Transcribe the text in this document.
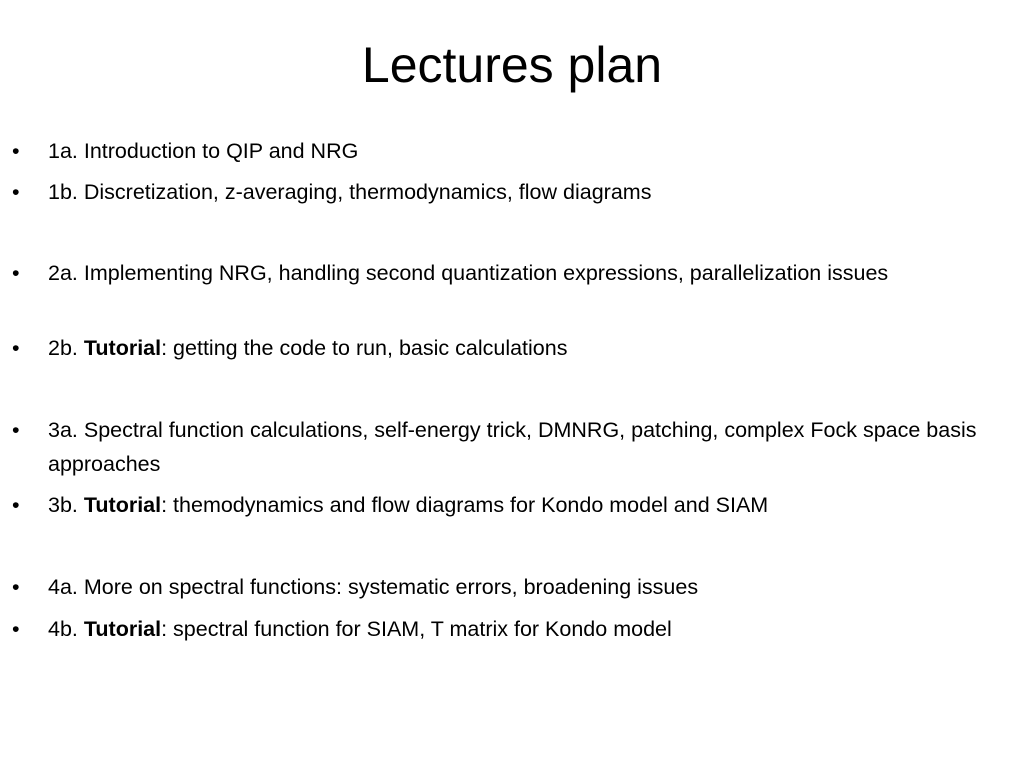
Lectures plan
•	1a. Introduction to QIP and NRG
•	1b. Discretization, z-averaging, thermodynamics, flow diagrams
•	2a. Implementing NRG, handling second quantization expressions, parallelization issues
•	2b. Tutorial: getting the code to run, basic calculations
•	3a. Spectral function calculations, self-energy trick, DMNRG, patching, complex Fock space basis approaches
•	3b. Tutorial: themodynamics and flow diagrams for Kondo model and SIAM
•	4a. More on spectral functions: systematic errors, broadening issues
•	4b. Tutorial: spectral function for SIAM, T matrix for Kondo model
